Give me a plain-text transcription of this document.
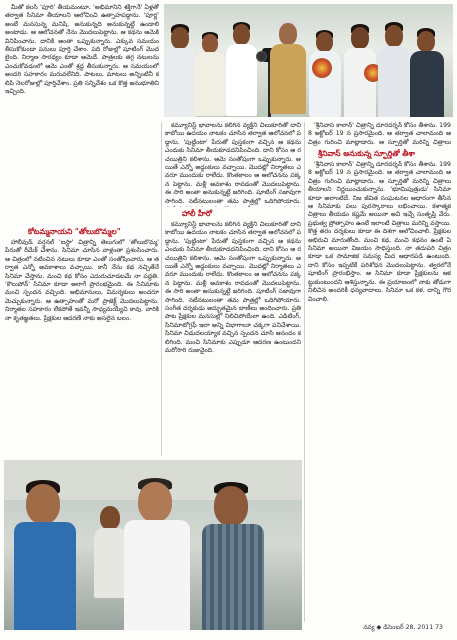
మీతో కలసి 'పూరి' తీయమంటూ, 'అభిమానిని శక్తిగానే' ఏళ్లతో తర్వాత సినిమా తీయాలని ఆలోచించి ఉత్సాహపడ్డాను. 'పూర్ణ' అంటే మనసున్న మనిషి. అనుకున్నది అనుకున్నట్టే ఉండాలి అంటాడు. ఆ ఆలోచనతో నేను మొదలుపెట్టాను. ఆ కథను ఆమెకి వినిపించాను. దానికి అంతా ఒప్పుకున్నారు. ఎక్కువ సమయం తీసుకోకుండా పనులు పూర్తి చేశాం. పది రోజుల్లో షూటింగ్ మొదలైంది. నిర్మాణ సారథ్యం కూడా ఆమెదే. పాత్రలకు తగ్గ నటులను ఎంచుకోవడంలో ఆమె ఎంతో శ్రద్ధ తీసుకున్నారు. ఆ సమయంలో అందరి సహకారం మరువలేనిది. పాటలు, మాటలు అన్నింటినీ కలిపి నెలరోజుల్లో పూర్తిచేశాం. ప్రతి సన్నివేశం ఒక కొత్త అనుభూతిని ఇచ్చింది.

కోటమ్మనాయని "తోలుబొమ్మల"

హాలీవుడ్ వర్షనల్ 'ఐస్టా' చిత్రాన్ని తెలుగులో 'తోలుబొమ్మ' పేరుతో రీమేక్ చేశాను. సినిమా చూసిన వాళ్లంతా ప్రశంసించారు. ఆ చిత్రంలో నటించిన నటులు కూడా ఎంతో సంతోషించారు. ఆ తర్వాత ఎన్నో అవకాశాలు వచ్చాయి. కానీ నేను కథ నచ్చితేనే సినిమా చేస్తాను. మంచి కథ కోసం ఎదురుచూడటమే నా పద్ధతి. 'కౌలుపోన్' సినిమా కూడా అలాగే ప్రారంభమైంది. ఈ సినిమాకు మంచి స్పందన వచ్చింది. అభిమానులు, విమర్శకులు అందరూ మెచ్చుకున్నారు. ఆ ఉత్సాహంతో మరో ప్రాజెక్ట్ మొదలుపెట్టాను. నిర్మాతల సహకారం లేకపోతే ఇవన్నీ సాధ్యమయ్యేవి కావు. వారికి నా కృతజ్ఞతలు. ప్రేక్షకుల ఆదరణే నాకు అసలైన బలం.

కమ్యూనిస్ట్ భావాలను కలిగిన వ్యక్తిని చిలుకూరితో దాని కాబోయి ఉదయం నాటకం చూసిన తర్వాత ఆలోచనలో పడ్డాను. 'పుట్టింటా' పేరుతో పుస్తకంగా వచ్చిన ఆ కథను ఎందుకు సినిమా తీయకూడదనిపించింది. దాని కోసం ఆ రచయిత్రిని కలిశాను. ఆమె సంతోషంగా ఒప్పుకున్నారు. అయితే ఎన్నో అడ్డంకులు వచ్చాయి. మొదట్లో నిర్మాతలు ఎవరూ ముందుకు రాలేదు. కొంతకాలం ఆ ఆలోచనను పక్కన పెట్టాను. మళ్లీ అవకాశం రావడంతో మొదలుపెట్టాను. ఈ సారి అంతా అనుకున్నట్టే జరిగింది. షూటింగ్ సజావుగా సాగింది. నటీనటులంతా తమ పాత్రల్లో ఒదిగిపోయారు.

హాలీ హీరో

కమ్యూనిస్ట్ భావాలను కలిగిన వ్యక్తిని చిలుకూరితో దాని కాబోయి ఉదయం నాటకం చూసిన తర్వాత ఆలోచనలో పడ్డాను. 'పుట్టింటా' పేరుతో పుస్తకంగా వచ్చిన ఆ కథను ఎందుకు సినిమా తీయకూడదనిపించింది. దాని కోసం ఆ రచయిత్రిని కలిశాను. ఆమె సంతోషంగా ఒప్పుకున్నారు. అయితే ఎన్నో అడ్డంకులు వచ్చాయి. మొదట్లో నిర్మాతలు ఎవరూ ముందుకు రాలేదు. కొంతకాలం ఆ ఆలోచనను పక్కన పెట్టాను. మళ్లీ అవకాశం రావడంతో మొదలుపెట్టాను. ఈ సారి అంతా అనుకున్నట్టే జరిగింది. షూటింగ్ సజావుగా సాగింది. నటీనటులంతా తమ పాత్రల్లో ఒదిగిపోయారు. సంగీత దర్శకుడు అద్భుతమైన బాణీలు అందించారు. ప్రతి పాట ప్రేక్షకుల మనసుల్లో నిలిచిపోయేలా ఉంది. ఎడిటింగ్, సినిమాటోగ్రఫీ ఇలా అన్ని విభాగాలూ చక్కగా పనిచేశాయి. సినిమా విడుదలయ్యాక వచ్చిన స్పందన చూసి ఆనందం కలిగింది. మంచి సినిమాకు ఎప్పుడూ ఆదరణ ఉంటుందని మరోసారి రుజువైంది.

'శ్రీనివాస కాలాన్' చిత్రాన్ని దూరదర్శన్ కోసం తీశాను. 1998 అక్టోబర్ 19 న ప్రసారమైంది. ఆ తర్వాత చాలామంది ఆ చిత్రం గురించి మాట్లాడారు. ఆ స్ఫూర్తితో మరిన్ని చిత్రాలు

శ్రీనివాస్ అనుకున్న స్ఫూర్తితో తీశా

'శ్రీనివాస కాలాన్' చిత్రాన్ని దూరదర్శన్ కోసం తీశాను. 1998 అక్టోబర్ 19 న ప్రసారమైంది. ఆ తర్వాత చాలామంది ఆ చిత్రం గురించి మాట్లాడారు. ఆ స్ఫూర్తితో మరిన్ని చిత్రాలు తీయాలని నిర్ణయించుకున్నాను. 'భూమిపుత్రుడు' సినిమా కూడా అలాంటిదే. నిజ జీవిత సంఘటనల ఆధారంగా తీసిన ఆ సినిమాకు పలు పురస్కారాలు లభించాయి. కళాత్మక చిత్రాలు తీయడం కష్టమే అయినా అవి ఇచ్చే సంతృప్తి వేరు. ప్రభుత్వ ప్రోత్సాహం ఉంటే ఇలాంటి చిత్రాలు మరిన్ని వస్తాయి. కొత్త తరం దర్శకులు కూడా ఈ దిశగా ఆలోచించాలి. ప్రేక్షకుల అభిరుచి మారుతోంది. మంచి కథ, మంచి కథనం ఉంటే ఏ సినిమా అయినా విజయం సాధిస్తుంది. నా తదుపరి చిత్రం కూడా ఒక సామాజిక సమస్య మీద ఆధారపడి ఉంటుంది. దాని కోసం ఇప్పటికే పరిశోధన మొదలుపెట్టాను. త్వరలోనే షూటింగ్ ప్రారంభిస్తాం. ఆ సినిమా కూడా ప్రేక్షకులను ఆకట్టుకుంటుందని ఆశిస్తున్నాను. ఈ ప్రయాణంలో నాకు తోడుగా నిలిచిన అందరికీ ధన్యవాదాలు. సినిమా ఒక కళ, దాన్ని గౌరవించాలి.

నవ్య ◆ డిసెంబర్ 28, 2011 73
